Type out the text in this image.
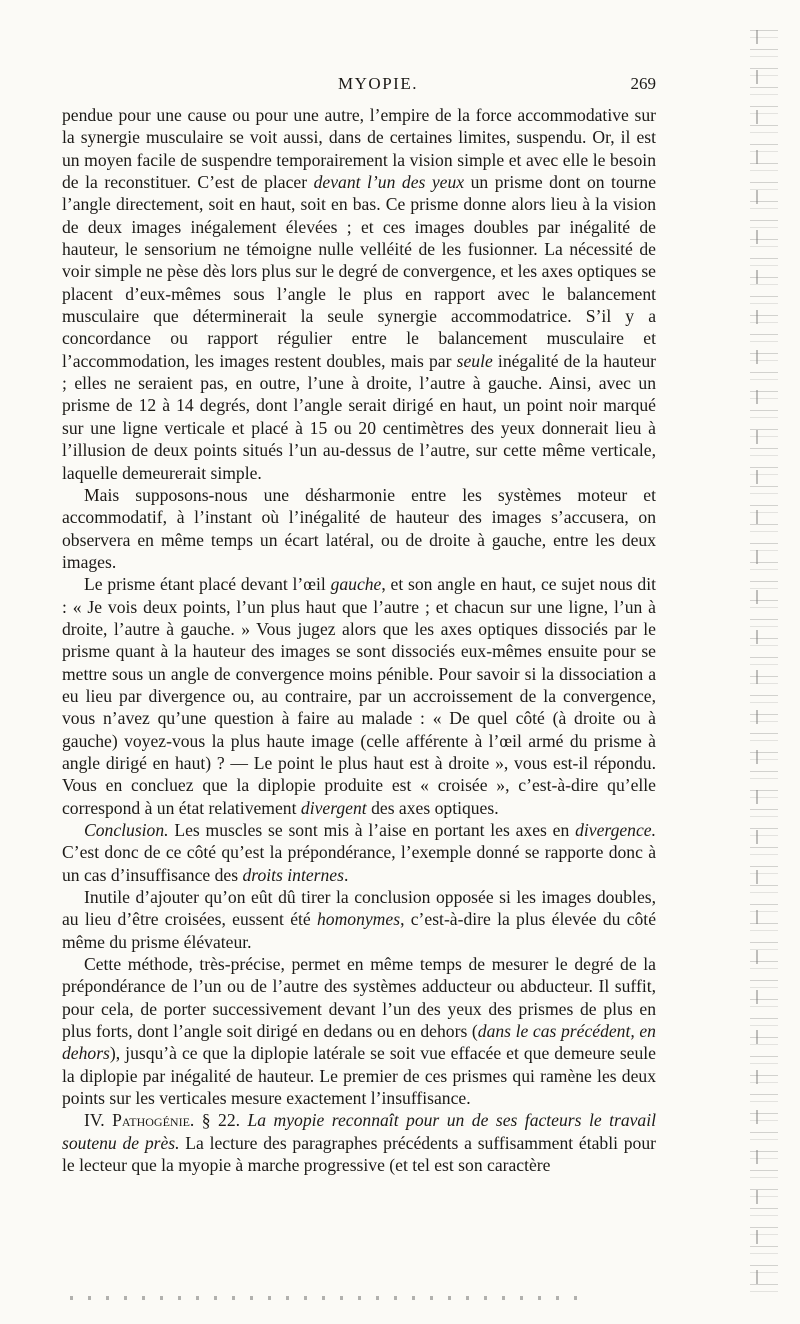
MYOPIE.	269

pendue pour une cause ou pour une autre, l’empire de la force accommodative sur la synergie musculaire se voit aussi, dans de certaines limites, suspendu. Or, il est un moyen facile de suspendre temporairement la vision simple et avec elle le besoin de la reconstituer. C’est de placer devant l’un des yeux un prisme dont on tourne l’angle directement, soit en haut, soit en bas. Ce prisme donne alors lieu à la vision de deux images inégalement élevées ; et ces images doubles par inégalité de hauteur, le sensorium ne témoigne nulle velléité de les fusionner. La nécessité de voir simple ne pèse dès lors plus sur le degré de convergence, et les axes optiques se placent d’eux-mêmes sous l’angle le plus en rapport avec le balancement musculaire que déterminerait la seule synergie accommodatrice. S’il y a concordance ou rapport régulier entre le balancement musculaire et l’accommodation, les images restent doubles, mais par seule inégalité de la hauteur ; elles ne seraient pas, en outre, l’une à droite, l’autre à gauche. Ainsi, avec un prisme de 12 à 14 degrés, dont l’angle serait dirigé en haut, un point noir marqué sur une ligne verticale et placé à 15 ou 20 centimètres des yeux donnerait lieu à l’illusion de deux points situés l’un au-dessus de l’autre, sur cette même verticale, laquelle demeurerait simple.

Mais supposons-nous une désharmonie entre les systèmes moteur et accommodatif, à l’instant où l’inégalité de hauteur des images s’accusera, on observera en même temps un écart latéral, ou de droite à gauche, entre les deux images.

Le prisme étant placé devant l’œil gauche, et son angle en haut, ce sujet nous dit : « Je vois deux points, l’un plus haut que l’autre ; et chacun sur une ligne, l’un à droite, l’autre à gauche. » Vous jugez alors que les axes optiques dissociés par le prisme quant à la hauteur des images se sont dissociés eux-mêmes ensuite pour se mettre sous un angle de convergence moins pénible. Pour savoir si la dissociation a eu lieu par divergence ou, au contraire, par un accroissement de la convergence, vous n’avez qu’une question à faire au malade : « De quel côté (à droite ou à gauche) voyez-vous la plus haute image (celle afférente à l’œil armé du prisme à angle dirigé en haut) ? — Le point le plus haut est à droite », vous est-il répondu. Vous en concluez que la diplopie produite est « croisée », c’est-à-dire qu’elle correspond à un état relativement divergent des axes optiques.

Conclusion. Les muscles se sont mis à l’aise en portant les axes en divergence. C’est donc de ce côté qu’est la prépondérance, l’exemple donné se rapporte donc à un cas d’insuffisance des droits internes.

Inutile d’ajouter qu’on eût dû tirer la conclusion opposée si les images doubles, au lieu d’être croisées, eussent été homonymes, c’est-à-dire la plus élevée du côté même du prisme élévateur.

Cette méthode, très-précise, permet en même temps de mesurer le degré de la prépondérance de l’un ou de l’autre des systèmes adducteur ou abducteur. Il suffit, pour cela, de porter successivement devant l’un des yeux des prismes de plus en plus forts, dont l’angle soit dirigé en dedans ou en dehors (dans le cas précédent, en dehors), jusqu’à ce que la diplopie latérale se soit vue effacée et que demeure seule la diplopie par inégalité de hauteur. Le premier de ces prismes qui ramène les deux points sur les verticales mesure exactement l’insuffisance.

IV. Pathogénie. § 22. La myopie reconnaît pour un de ses facteurs le travail soutenu de près. La lecture des paragraphes précédents a suffisamment établi pour le lecteur que la myopie à marche progressive (et tel est son caractère
